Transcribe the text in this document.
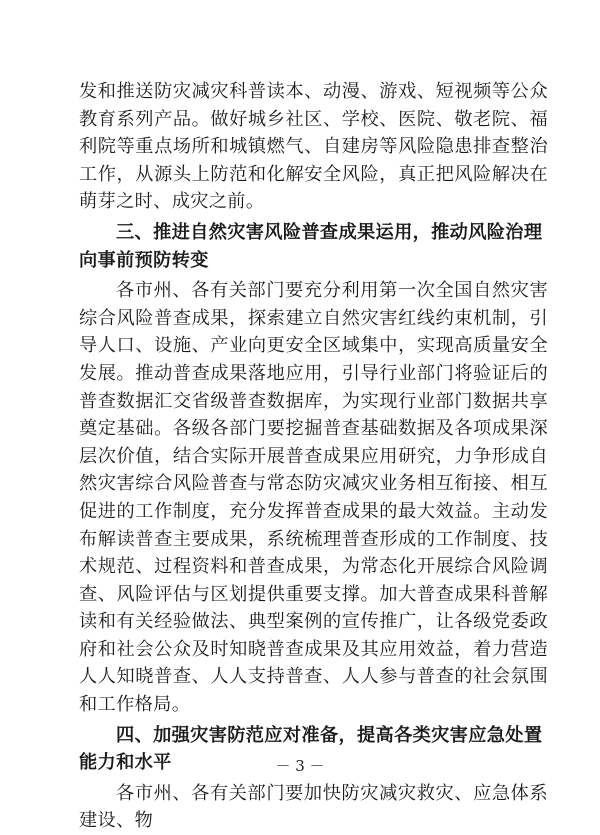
发和推送防灾减灾科普读本、动漫、游戏、短视频等公众教育系列产品。做好城乡社区、学校、医院、敬老院、福利院等重点场所和城镇燃气、自建房等风险隐患排查整治工作，从源头上防范和化解安全风险，真正把风险解决在萌芽之时、成灾之前。

三、推进自然灾害风险普查成果运用，推动风险治理向事前预防转变

各市州、各有关部门要充分利用第一次全国自然灾害综合风险普查成果，探索建立自然灾害红线约束机制，引导人口、设施、产业向更安全区域集中，实现高质量安全发展。推动普查成果落地应用，引导行业部门将验证后的普查数据汇交省级普查数据库，为实现行业部门数据共享奠定基础。各级各部门要挖掘普查基础数据及各项成果深层次价值，结合实际开展普查成果应用研究，力争形成自然灾害综合风险普查与常态防灾减灾业务相互衔接、相互促进的工作制度，充分发挥普查成果的最大效益。主动发布解读普查主要成果，系统梳理普查形成的工作制度、技术规范、过程资料和普查成果，为常态化开展综合风险调查、风险评估与区划提供重要支撑。加大普查成果科普解读和有关经验做法、典型案例的宣传推广，让各级党委政府和社会公众及时知晓普查成果及其应用效益，着力营造人人知晓普查、人人支持普查、人人参与普查的社会氛围和工作格局。

四、加强灾害防范应对准备，提高各类灾害应急处置能力和水平

各市州、各有关部门要加快防灾减灾救灾、应急体系建设、物

－ 3 －
